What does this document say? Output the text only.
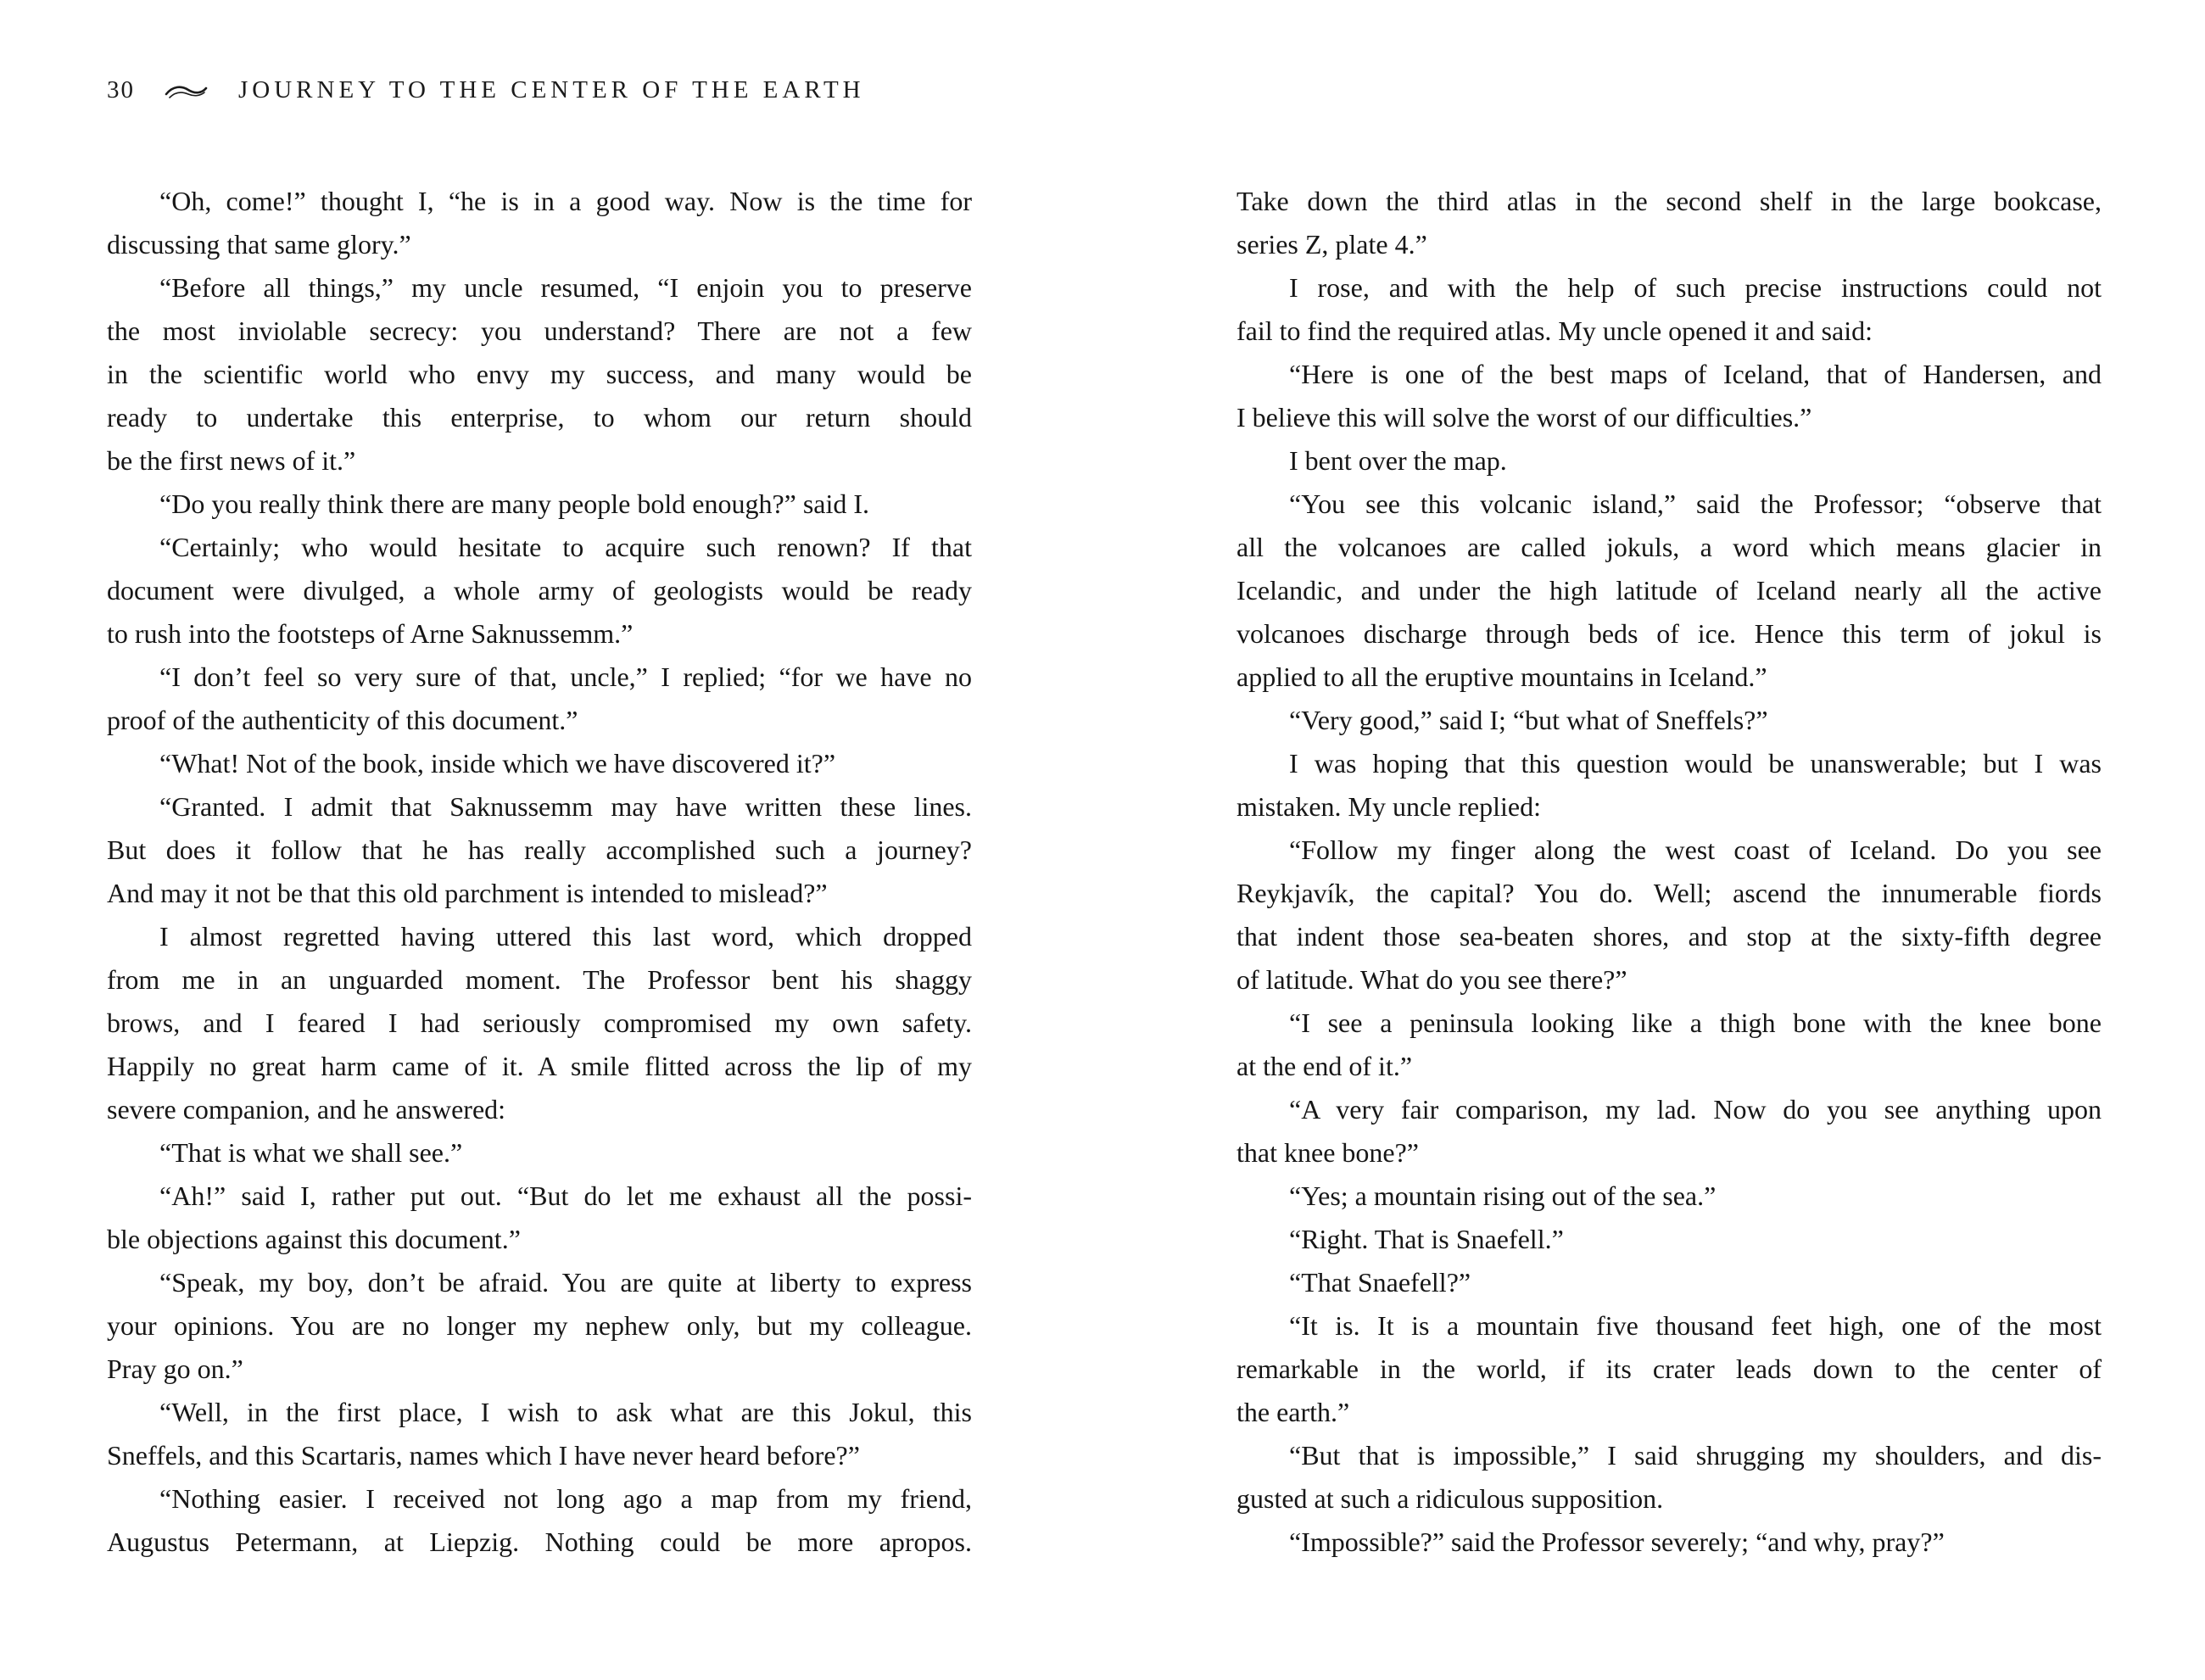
30	JOURNEY TO THE CENTER OF THE EARTH
“Oh, come!” thought I, “he is in a good way. Now is the time for
discussing that same glory.”
“Before all things,” my uncle resumed, “I enjoin you to preserve
the most inviolable secrecy: you understand? There are not a few
in the scientific world who envy my success, and many would be
ready to undertake this enterprise, to whom our return should
be the first news of it.”
“Do you really think there are many people bold enough?” said I.
“Certainly; who would hesitate to acquire such renown? If that
document were divulged, a whole army of geologists would be ready
to rush into the footsteps of Arne Saknussemm.”
“I don’t feel so very sure of that, uncle,” I replied; “for we have no
proof of the authenticity of this document.”
“What! Not of the book, inside which we have discovered it?”
“Granted. I admit that Saknussemm may have written these lines.
But does it follow that he has really accomplished such a journey?
And may it not be that this old parchment is intended to mislead?”
I almost regretted having uttered this last word, which dropped
from me in an unguarded moment. The Professor bent his shaggy
brows, and I feared I had seriously compromised my own safety.
Happily no great harm came of it. A smile flitted across the lip of my
severe companion, and he answered:
“That is what we shall see.”
“Ah!” said I, rather put out. “But do let me exhaust all the possi-
ble objections against this document.”
“Speak, my boy, don’t be afraid. You are quite at liberty to express
your opinions. You are no longer my nephew only, but my colleague.
Pray go on.”
“Well, in the first place, I wish to ask what are this Jokul, this
Sneffels, and this Scartaris, names which I have never heard before?”
“Nothing easier. I received not long ago a map from my friend,
Augustus Petermann, at Liepzig. Nothing could be more apropos.
Take down the third atlas in the second shelf in the large bookcase,
series Z, plate 4.”
I rose, and with the help of such precise instructions could not
fail to find the required atlas. My uncle opened it and said:
“Here is one of the best maps of Iceland, that of Handersen, and
I believe this will solve the worst of our difficulties.”
I bent over the map.
“You see this volcanic island,” said the Professor; “observe that
all the volcanoes are called jokuls, a word which means glacier in
Icelandic, and under the high latitude of Iceland nearly all the active
volcanoes discharge through beds of ice. Hence this term of jokul is
applied to all the eruptive mountains in Iceland.”
“Very good,” said I; “but what of Sneffels?”
I was hoping that this question would be unanswerable; but I was
mistaken. My uncle replied:
“Follow my finger along the west coast of Iceland. Do you see
Reykjavík, the capital? You do. Well; ascend the innumerable fiords
that indent those sea-beaten shores, and stop at the sixty-fifth degree
of latitude. What do you see there?”
“I see a peninsula looking like a thigh bone with the knee bone
at the end of it.”
“A very fair comparison, my lad. Now do you see anything upon
that knee bone?”
“Yes; a mountain rising out of the sea.”
“Right. That is Snaefell.”
“That Snaefell?”
“It is. It is a mountain five thousand feet high, one of the most
remarkable in the world, if its crater leads down to the center of
the earth.”
“But that is impossible,” I said shrugging my shoulders, and dis-
gusted at such a ridiculous supposition.
“Impossible?” said the Professor severely; “and why, pray?”
